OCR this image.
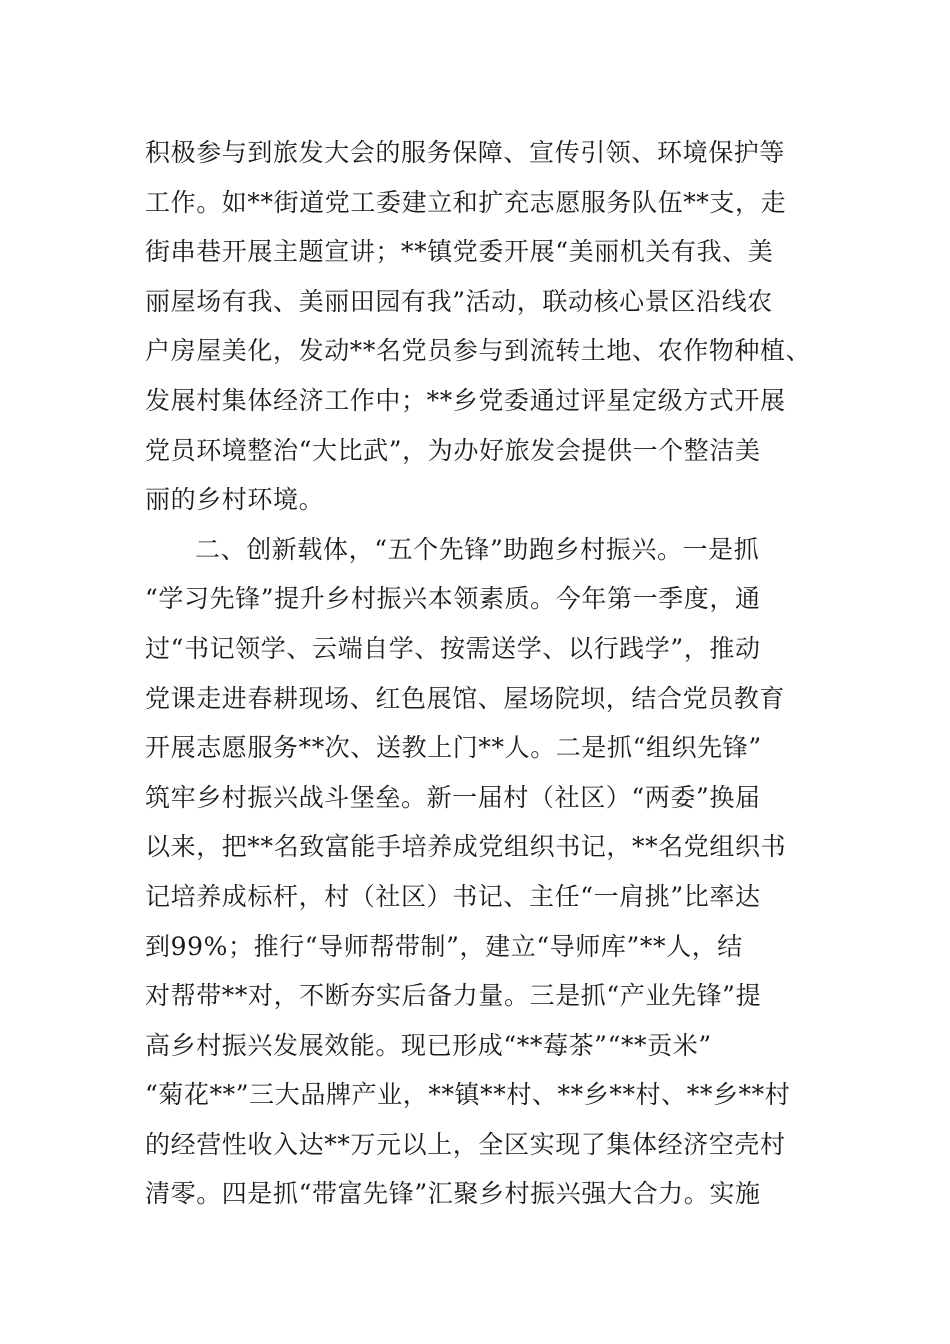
积极参与到旅发大会的服务保障、宣传引领、环境保护等
工作。如**街道党工委建立和扩充志愿服务队伍**支，走
街串巷开展主题宣讲；**镇党委开展“美丽机关有我、美
丽屋场有我、美丽田园有我”活动，联动核心景区沿线农
户房屋美化，发动**名党员参与到流转土地、农作物种植、
发展村集体经济工作中；**乡党委通过评星定级方式开展
党员环境整治“大比武”，为办好旅发会提供一个整洁美
丽的乡村环境。
二、创新载体，“五个先锋”助跑乡村振兴。一是抓
“学习先锋”提升乡村振兴本领素质。今年第一季度，通
过“书记领学、云端自学、按需送学、以行践学”，推动
党课走进春耕现场、红色展馆、屋场院坝，结合党员教育
开展志愿服务**次、送教上门**人。二是抓“组织先锋”
筑牢乡村振兴战斗堡垒。新一届村（社区）“两委”换届
以来，把**名致富能手培养成党组织书记，**名党组织书
记培养成标杆，村（社区）书记、主任“一肩挑”比率达
到99%；推行“导师帮带制”，建立“导师库”**人，结
对帮带**对，不断夯实后备力量。三是抓“产业先锋”提
高乡村振兴发展效能。现已形成“**莓茶”“**贡米”
“菊花**”三大品牌产业，**镇**村、**乡**村、**乡**村
的经营性收入达**万元以上，全区实现了集体经济空壳村
清零。四是抓“带富先锋”汇聚乡村振兴强大合力。实施
